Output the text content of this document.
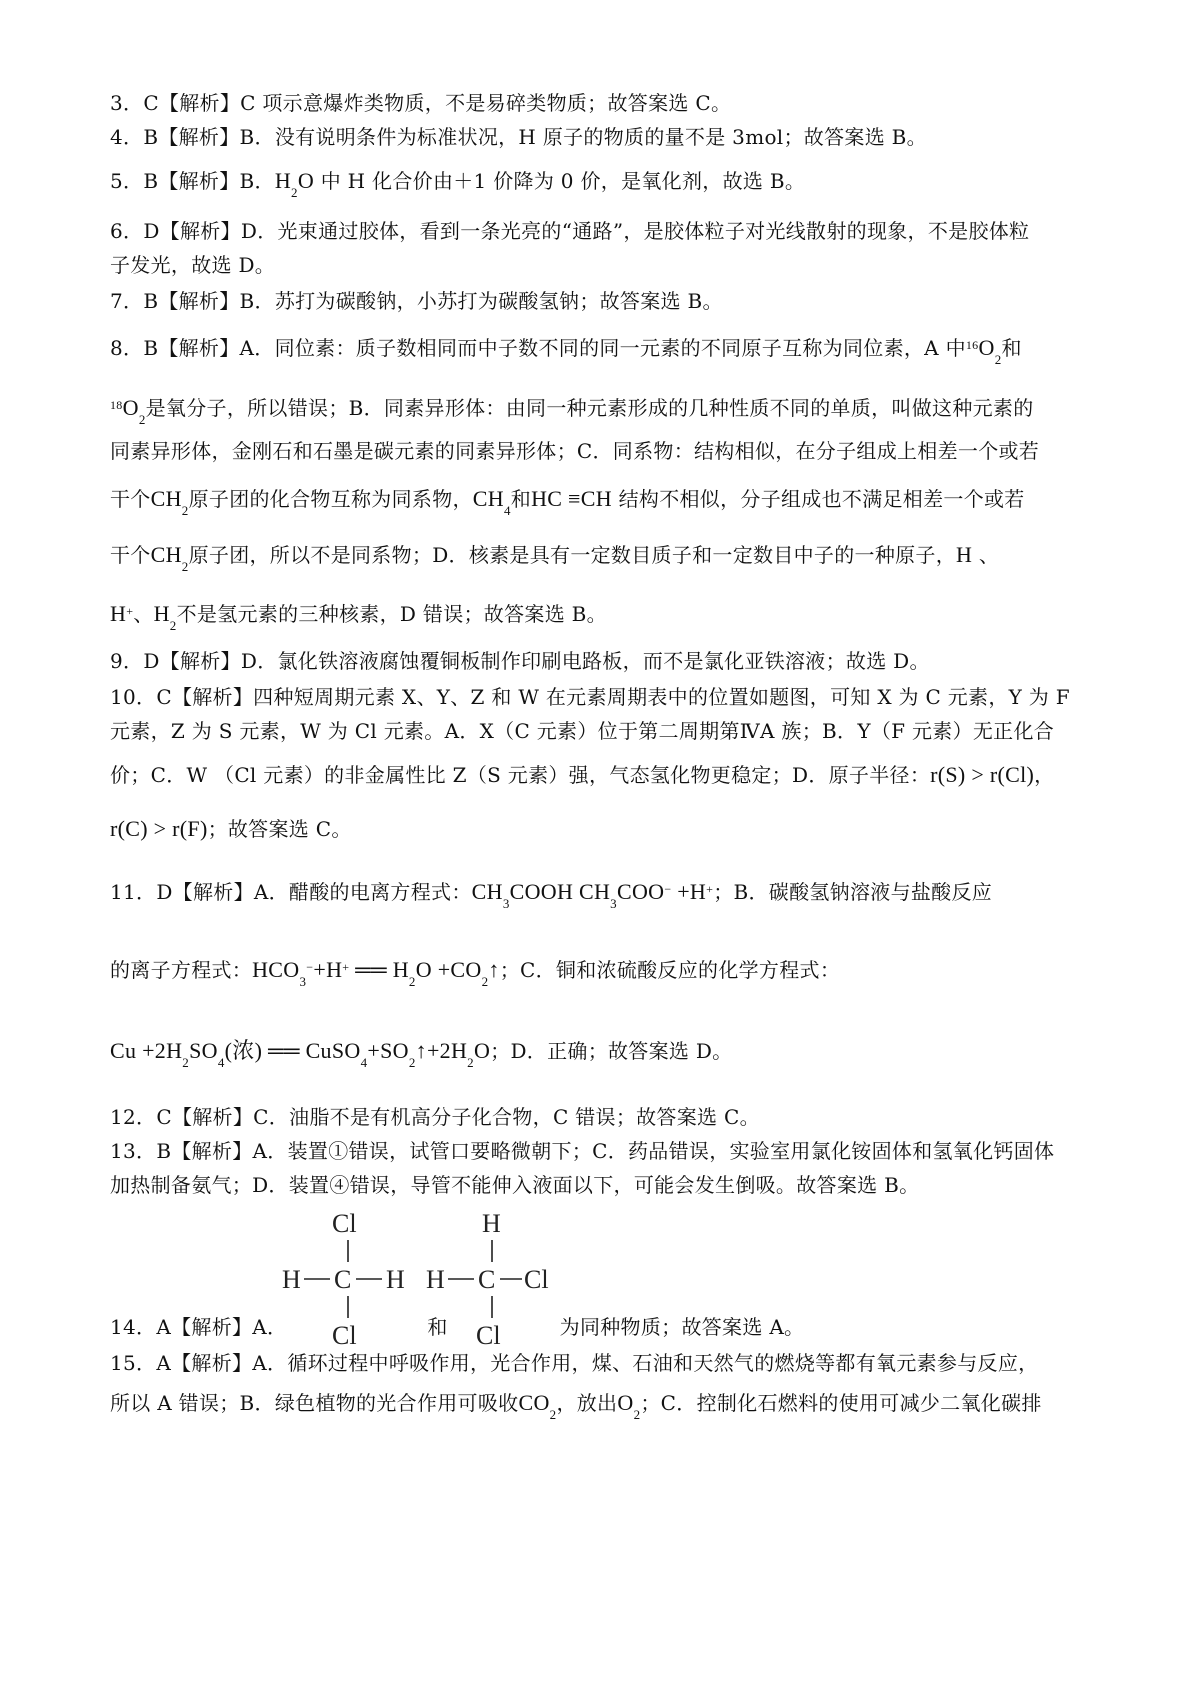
3．C【解析】C 项示意爆炸类物质，不是易碎类物质；故答案选 C。
4．B【解析】B．没有说明条件为标准状况，H 原子的物质的量不是 3mol；故答案选 B。
5．B【解析】B．$H_2O$ 中 H 化合价由＋1 价降为 0 价，是氧化剂，故选 B。
6．D【解析】D．光束通过胶体，看到一条光亮的“通路”，是胶体粒子对光线散射的现象，不是胶体粒
子发光，故选 D。
7．B【解析】B．苏打为碳酸钠，小苏打为碳酸氢钠；故答案选 B。
8．B【解析】A．同位素：质子数相同而中子数不同的同一元素的不同原子互称为同位素，A 中$^{16}O_2$和
$^{18}O_2$是氧分子，所以错误；B．同素异形体：由同一种元素形成的几种性质不同的单质，叫做这种元素的
同素异形体，金刚石和石墨是碳元素的同素异形体；C．同系物：结构相似，在分子组成上相差一个或若
干个$CH_2$原子团的化合物互称为同系物，$CH_4$和HC ≡CH 结构不相似，分子组成也不满足相差一个或若
干个$CH_2$原子团，所以不是同系物；D．核素是具有一定数目质子和一定数目中子的一种原子，H 、
H+、$H_2$不是氢元素的三种核素，D 错误；故答案选 B。
9．D【解析】D．氯化铁溶液腐蚀覆铜板制作印刷电路板，而不是氯化亚铁溶液；故选 D。
10．C【解析】四种短周期元素 X、Y、Z 和 W 在元素周期表中的位置如题图，可知 X 为 C 元素，Y 为 F
元素，Z 为 S 元素，W 为 Cl 元素。A．X（C 元素）位于第二周期第ⅣA 族；B．Y（F 元素）无正化合
价；C．W （Cl 元素）的非金属性比 Z（S 元素）强，气态氢化物更稳定；D．原子半径：r(S) > r(Cl)，
r(C) > r(F)；故答案选 C。
11．D【解析】A．醋酸的电离方程式：$CH_3COOH$ $CH_3COO^- +H^+$；B．碳酸氢钠溶液与盐酸反应
的离子方程式：$HCO_3^-+H^+$ ══ $H_2O$ $+CO_2↑$；C．铜和浓硫酸反应的化学方程式：
$Cu +2H_2SO_4$(浓) ══ $CuSO_4+SO_2↑+2H_2O$；D．正确；故答案选 D。
12．C【解析】C．油脂不是有机高分子化合物，C 错误；故答案选 C。
13．B【解析】A．装置①错误，试管口要略微朝下；C．药品错误，实验室用氯化铵固体和氢氧化钙固体
加热制备氨气；D．装置④错误，导管不能伸入液面以下，可能会发生倒吸。故答案选 B。
Cl
H C H
Cl
H
H C Cl
Cl
14．A【解析】A．	和	为同种物质；故答案选 A。
15．A【解析】A．循环过程中呼吸作用，光合作用，煤、石油和天然气的燃烧等都有氧元素参与反应，
所以 A 错误；B．绿色植物的光合作用可吸收$CO_2$，放出$O_2$；C．控制化石燃料的使用可减少二氧化碳排
